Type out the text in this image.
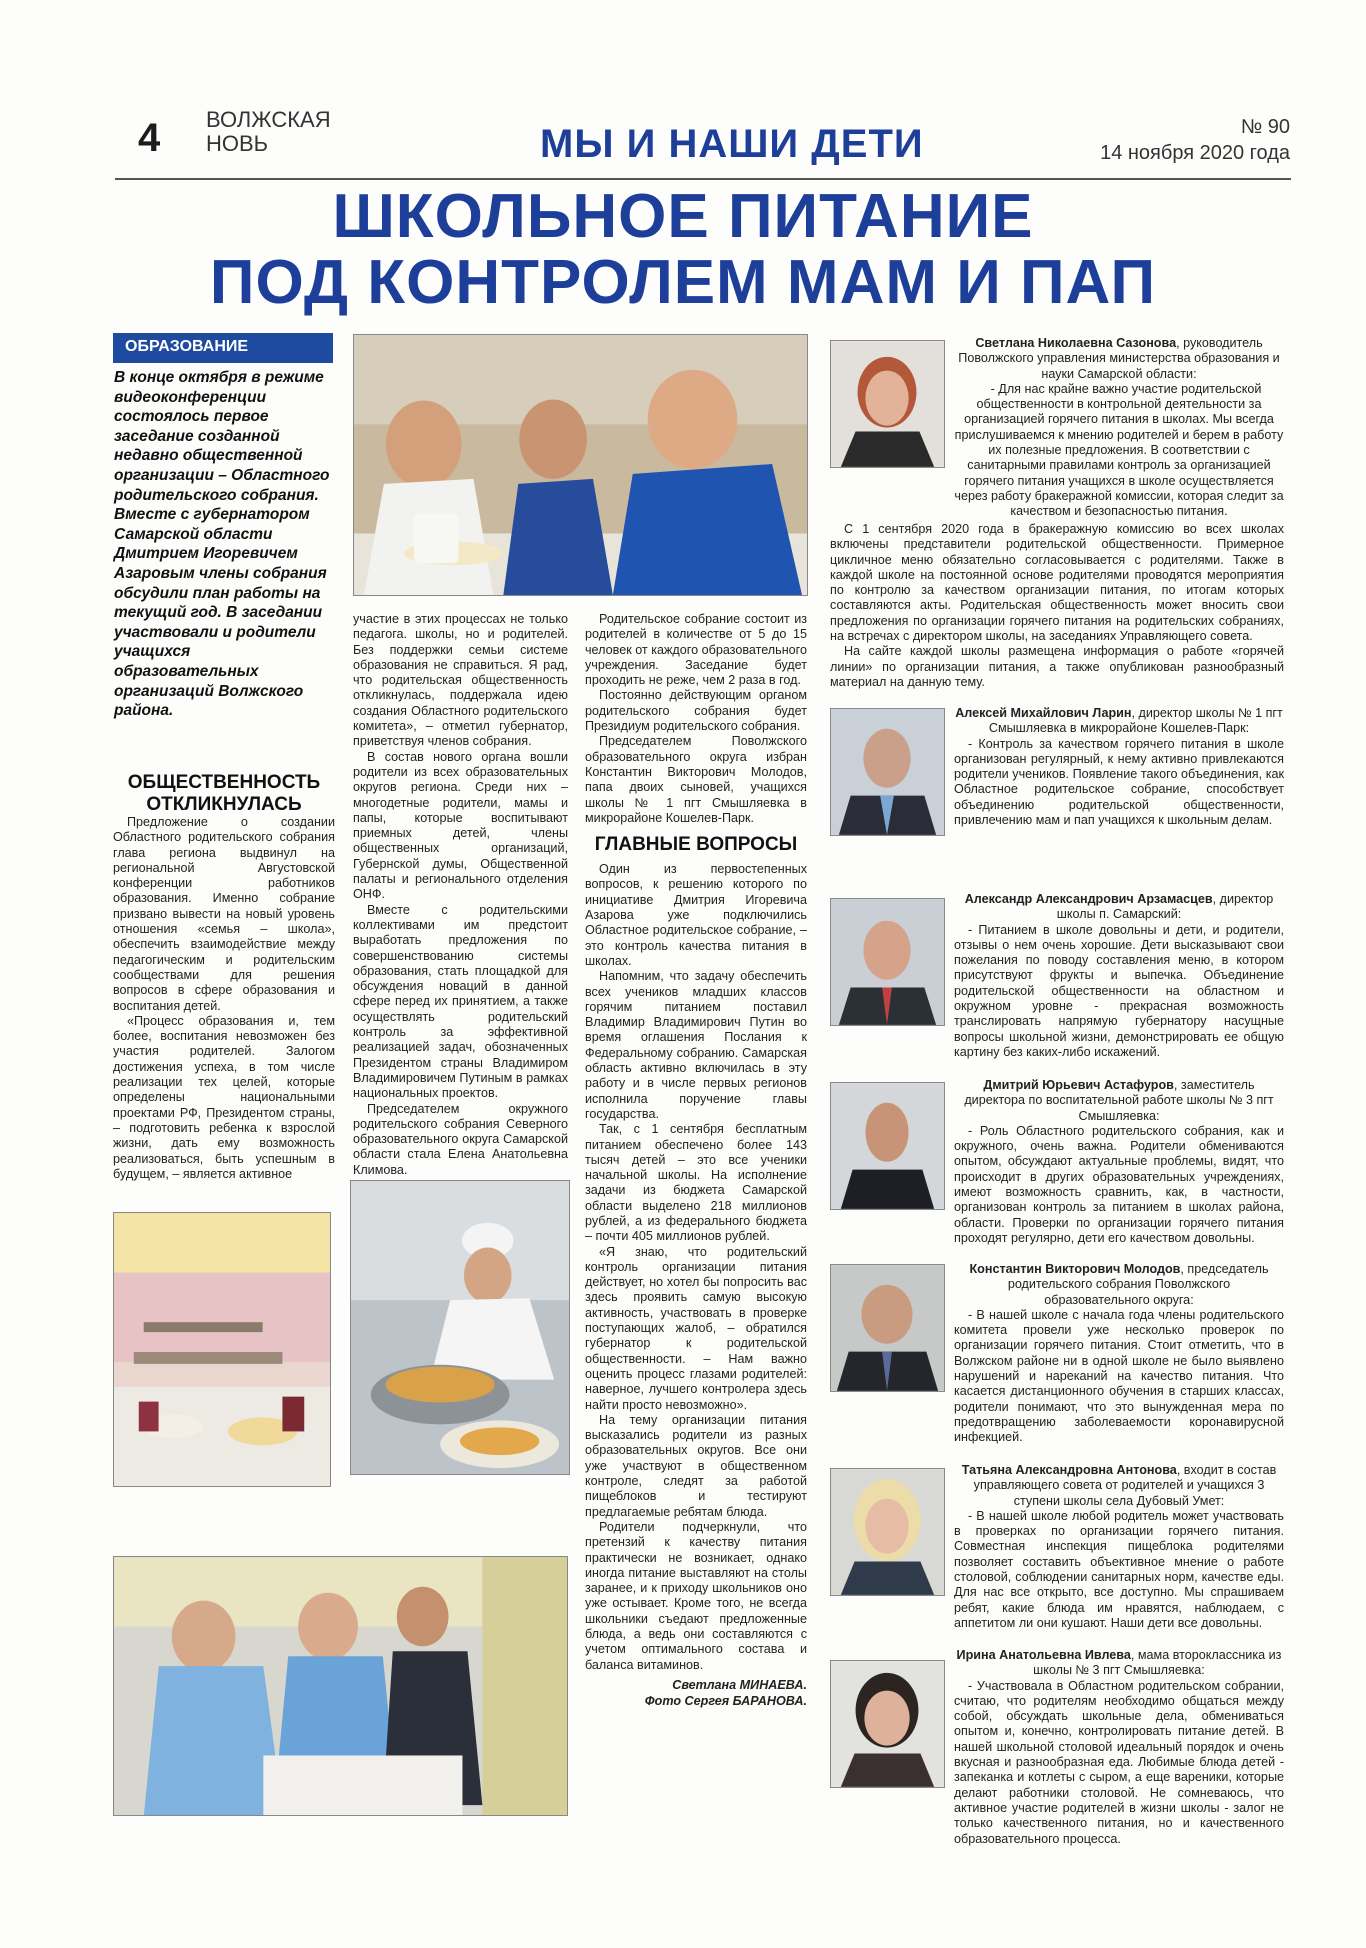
4 ВОЛЖСКАЯ
НОВЬ	МЫ И НАШИ ДЕТИ	№ 90
14 ноября 2020 года
ШКОЛЬНОЕ ПИТАНИЕ
ПОД КОНТРОЛЕМ МАМ И ПАП
ОБРАЗОВАНИЕ
В конце октября в режиме видеоконференции состоялось первое заседание созданной недавно общественной организации – Областного родительского собрания. Вместе с губернатором Самарской области Дмитрием Игоревичем Азаровым члены собрания обсудили план работы на текущий год. В заседании участвовали и родители учащихся образовательных организаций Волжского района.
ОБЩЕСТВЕННОСТЬ ОТКЛИКНУЛАСЬ

Предложение о создании Областного родительского собрания глава региона выдвинул на региональной Августовской конференции работников образования. Именно собрание призвано вывести на новый уровень отношения «семья – школа», обеспечить взаимодействие между педагогическим и родительским сообществами для решения вопросов в сфере образования и воспитания детей.

«Процесс образования и, тем более, воспитания невозможен без участия родителей. Залогом достижения успеха, в том числе реализации тех целей, которые определены национальными проектами РФ, Президентом страны, – подготовить ребенка к взрослой жизни, дать ему возможность реализоваться, быть успешным в будущем, – является активное

участие в этих процессах не только педагога. школы, но и родителей. Без поддержки семьи системе образования не справиться. Я рад, что родительская общественность откликнулась, поддержала идею создания Областного родительского комитета», – отметил губернатор, приветствуя членов собрания.

В состав нового органа вошли родители из всех образовательных округов региона. Среди них – многодетные родители, мамы и папы, которые воспитывают приемных детей, члены общественных организаций, Губернской думы, Общественной палаты и регионального отделения ОНФ.

Вместе с родительскими коллективами им предстоит выработать предложения по совершенствованию системы образования, стать площадкой для обсуждения новаций в данной сфере перед их принятием, а также осуществлять родительский контроль за эффективной реализацией задач, обозначенных Президентом страны Владимиром Владимировичем Путиным в рамках национальных проектов.

Председателем окружного родительского собрания Северного образовательного округа Самарской области стала Елена Анатольевна Климова.

Родительское собрание состоит из родителей в количестве от 5 до 15 человек от каждого образовательного учреждения. Заседание будет проходить не реже, чем 2 раза в год.

Постоянно действующим органом родительского собрания будет Президиум родительского собрания.

Председателем Поволжского образовательного округа избран Константин Викторович Молодов, папа двоих сыновей, учащихся школы № 1 пгт Смышляевка в микрорайоне Кошелев-Парк.

ГЛАВНЫЕ ВОПРОСЫ

Один из первостепенных вопросов, к решению которого по инициативе Дмитрия Игоревича Азарова уже подключились Областное родительское собрание, – это контроль качества питания в школах.

Напомним, что задачу обеспечить всех учеников младших классов горячим питанием поставил Владимир Владимирович Путин во время оглашения Послания к Федеральному собранию. Самарская область активно включилась в эту работу и в числе первых регионов исполнила поручение главы государства.

Так, с 1 сентября бесплатным питанием обеспечено более 143 тысяч детей – это все ученики начальной школы. На исполнение задачи из бюджета Самарской области выделено 218 миллионов рублей, а из федерального бюджета – почти 405 миллионов рублей.

«Я знаю, что родительский контроль организации питания действует, но хотел бы попросить вас здесь проявить самую высокую активность, участвовать в проверке поступающих жалоб, – обратился губернатор к родительской общественности. – Нам важно оценить процесс глазами родителей: наверное, лучшего контролера здесь найти просто невозможно».

На тему организации питания высказались родители из разных образовательных округов. Все они уже участвуют в общественном контроле, следят за работой пищеблоков и тестируют предлагаемые ребятам блюда.

Родители подчеркнули, что претензий к качеству питания практически не возникает, однако иногда питание выставляют на столы заранее, и к приходу школьников оно уже остывает. Кроме того, не всегда школьники съедают предложенные блюда, а ведь они составляются с учетом оптимального состава и баланса витаминов.

Светлана МИНАЕВА.
Фото Сергея БАРАНОВА.

Светлана Николаевна Сазонова, руководитель Поволжского управления министерства образования и науки Самарской области:

- Для нас крайне важно участие родительской общественности в контрольной деятельности за организацией горячего питания в школах. Мы всегда прислушиваемся к мнению родителей и берем в работу их полезные предложения. В соответствии с санитарными правилами контроль за организацией горячего питания учащихся в школе осуществляется через работу бракеражной комиссии, которая следит за качеством и безопасностью питания.

С 1 сентября 2020 года в бракеражную комиссию во всех школах включены представители родительской общественности. Примерное цикличное меню обязательно согласовывается с родителями. Также в каждой школе на постоянной основе родителями проводятся мероприятия по контролю за качеством организации питания, по итогам которых составляются акты. Родительская общественность может вносить свои предложения по организации горячего питания на родительских собраниях, на встречах с директором школы, на заседаниях Управляющего совета.

На сайте каждой школы размещена информация о работе «горячей линии» по организации питания, а также опубликован разнообразный материал на данную тему.

Алексей Михайлович Ларин, директор школы № 1 пгт Смышляевка в микрорайоне Кошелев-Парк:

- Контроль за качеством горячего питания в школе организован регулярный, к нему активно привлекаются родители учеников. Появление такого объединения, как Областное родительское собрание, способствует объединению родительской общественности, привлечению мам и пап учащихся к школьным делам.

Александр Александрович Арзамасцев, директор школы п. Самарский:

- Питанием в школе довольны и дети, и родители, отзывы о нем очень хорошие. Дети высказывают свои пожелания по поводу составления меню, в котором присутствуют фрукты и выпечка. Объединение родительской общественности на областном и окружном уровне - прекрасная возможность транслировать напрямую губернатору насущные вопросы школьной жизни, демонстрировать ее общую картину без каких-либо искажений.

Дмитрий Юрьевич Астафуров, заместитель директора по воспитательной работе школы № 3 пгт Смышляевка:

- Роль Областного родительского собрания, как и окружного, очень важна. Родители обмениваются опытом, обсуждают актуальные проблемы, видят, что происходит в других образовательных учреждениях, имеют возможность сравнить, как, в частности, организован контроль за питанием в школах района, области. Проверки по организации горячего питания проходят регулярно, дети его качеством довольны.

Константин Викторович Молодов, председатель родительского собрания Поволжского образовательного округа:

- В нашей школе с начала года члены родительского комитета провели уже несколько проверок по организации горячего питания. Стоит отметить, что в Волжском районе ни в одной школе не было выявлено нарушений и нареканий на качество питания. Что касается дистанционного обучения в старших классах, родители понимают, что это вынужденная мера по предотвращению заболеваемости коронавирусной инфекцией.

Татьяна Александровна Антонова, входит в состав управляющего совета от родителей и учащихся 3 ступени школы села Дубовый Умет:

- В нашей школе любой родитель может участвовать в проверках по организации горячего питания. Совместная инспекция пищеблока родителями позволяет составить объективное мнение о работе столовой, соблюдении санитарных норм, качестве еды. Для нас все открыто, все доступно. Мы спрашиваем ребят, какие блюда им нравятся, наблюдаем, с аппетитом ли они кушают. Наши дети все довольны.

Ирина Анатольевна Ивлева, мама второклассника из школы № 3 пгт Смышляевка:

- Участвовала в Областном родительском собрании, считаю, что родителям необходимо общаться между собой, обсуждать школьные дела, обмениваться опытом и, конечно, контролировать питание детей. В нашей школьной столовой идеальный порядок и очень вкусная и разнообразная еда. Любимые блюда детей - запеканка и котлеты с сыром, а еще вареники, которые делают работники столовой. Не сомневаюсь, что активное участие родителей в жизни школы - залог не только качественного питания, но и качественного образовательного процесса.
